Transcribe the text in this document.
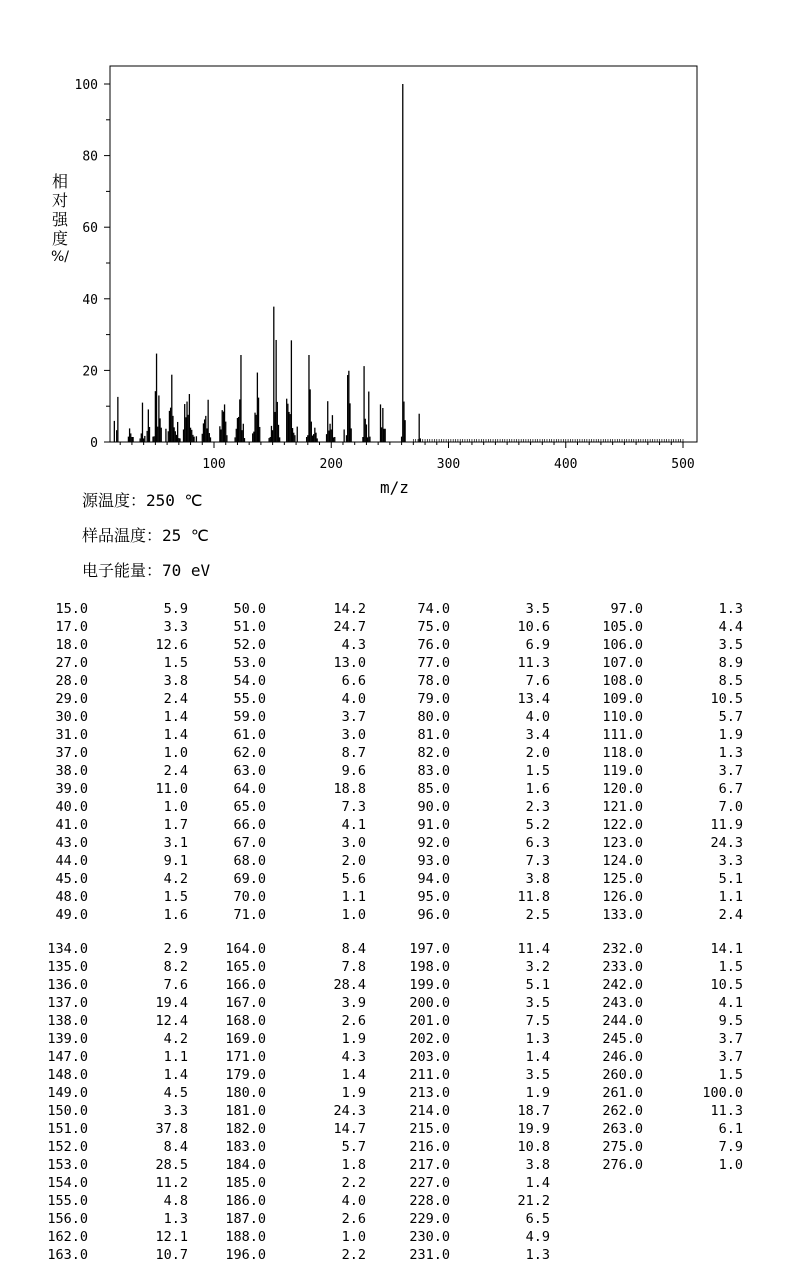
0
20
40
60
80
100
100	200	300	400	500
相
对
强
度
%/
m/z
源温度：250 ℃
样品温度：25 ℃
电子能量：70 eV
15.0	5.9	50.0	14.2	74.0	3.5	97.0	1.3
17.0	3.3	51.0	24.7	75.0	10.6	105.0	4.4
18.0	12.6	52.0	4.3	76.0	6.9	106.0	3.5
27.0	1.5	53.0	13.0	77.0	11.3	107.0	8.9
28.0	3.8	54.0	6.6	78.0	7.6	108.0	8.5
29.0	2.4	55.0	4.0	79.0	13.4	109.0	10.5
30.0	1.4	59.0	3.7	80.0	4.0	110.0	5.7
31.0	1.4	61.0	3.0	81.0	3.4	111.0	1.9
37.0	1.0	62.0	8.7	82.0	2.0	118.0	1.3
38.0	2.4	63.0	9.6	83.0	1.5	119.0	3.7
39.0	11.0	64.0	18.8	85.0	1.6	120.0	6.7
40.0	1.0	65.0	7.3	90.0	2.3	121.0	7.0
41.0	1.7	66.0	4.1	91.0	5.2	122.0	11.9
43.0	3.1	67.0	3.0	92.0	6.3	123.0	24.3
44.0	9.1	68.0	2.0	93.0	7.3	124.0	3.3
45.0	4.2	69.0	5.6	94.0	3.8	125.0	5.1
48.0	1.5	70.0	1.1	95.0	11.8	126.0	1.1
49.0	1.6	71.0	1.0	96.0	2.5	133.0	2.4
134.0	2.9	164.0	8.4	197.0	11.4	232.0	14.1
135.0	8.2	165.0	7.8	198.0	3.2	233.0	1.5
136.0	7.6	166.0	28.4	199.0	5.1	242.0	10.5
137.0	19.4	167.0	3.9	200.0	3.5	243.0	4.1
138.0	12.4	168.0	2.6	201.0	7.5	244.0	9.5
139.0	4.2	169.0	1.9	202.0	1.3	245.0	3.7
147.0	1.1	171.0	4.3	203.0	1.4	246.0	3.7
148.0	1.4	179.0	1.4	211.0	3.5	260.0	1.5
149.0	4.5	180.0	1.9	213.0	1.9	261.0	100.0
150.0	3.3	181.0	24.3	214.0	18.7	262.0	11.3
151.0	37.8	182.0	14.7	215.0	19.9	263.0	6.1
152.0	8.4	183.0	5.7	216.0	10.8	275.0	7.9
153.0	28.5	184.0	1.8	217.0	3.8	276.0	1.0
154.0	11.2	185.0	2.2	227.0	1.4
155.0	4.8	186.0	4.0	228.0	21.2
156.0	1.3	187.0	2.6	229.0	6.5
162.0	12.1	188.0	1.0	230.0	4.9
163.0	10.7	196.0	2.2	231.0	1.3
